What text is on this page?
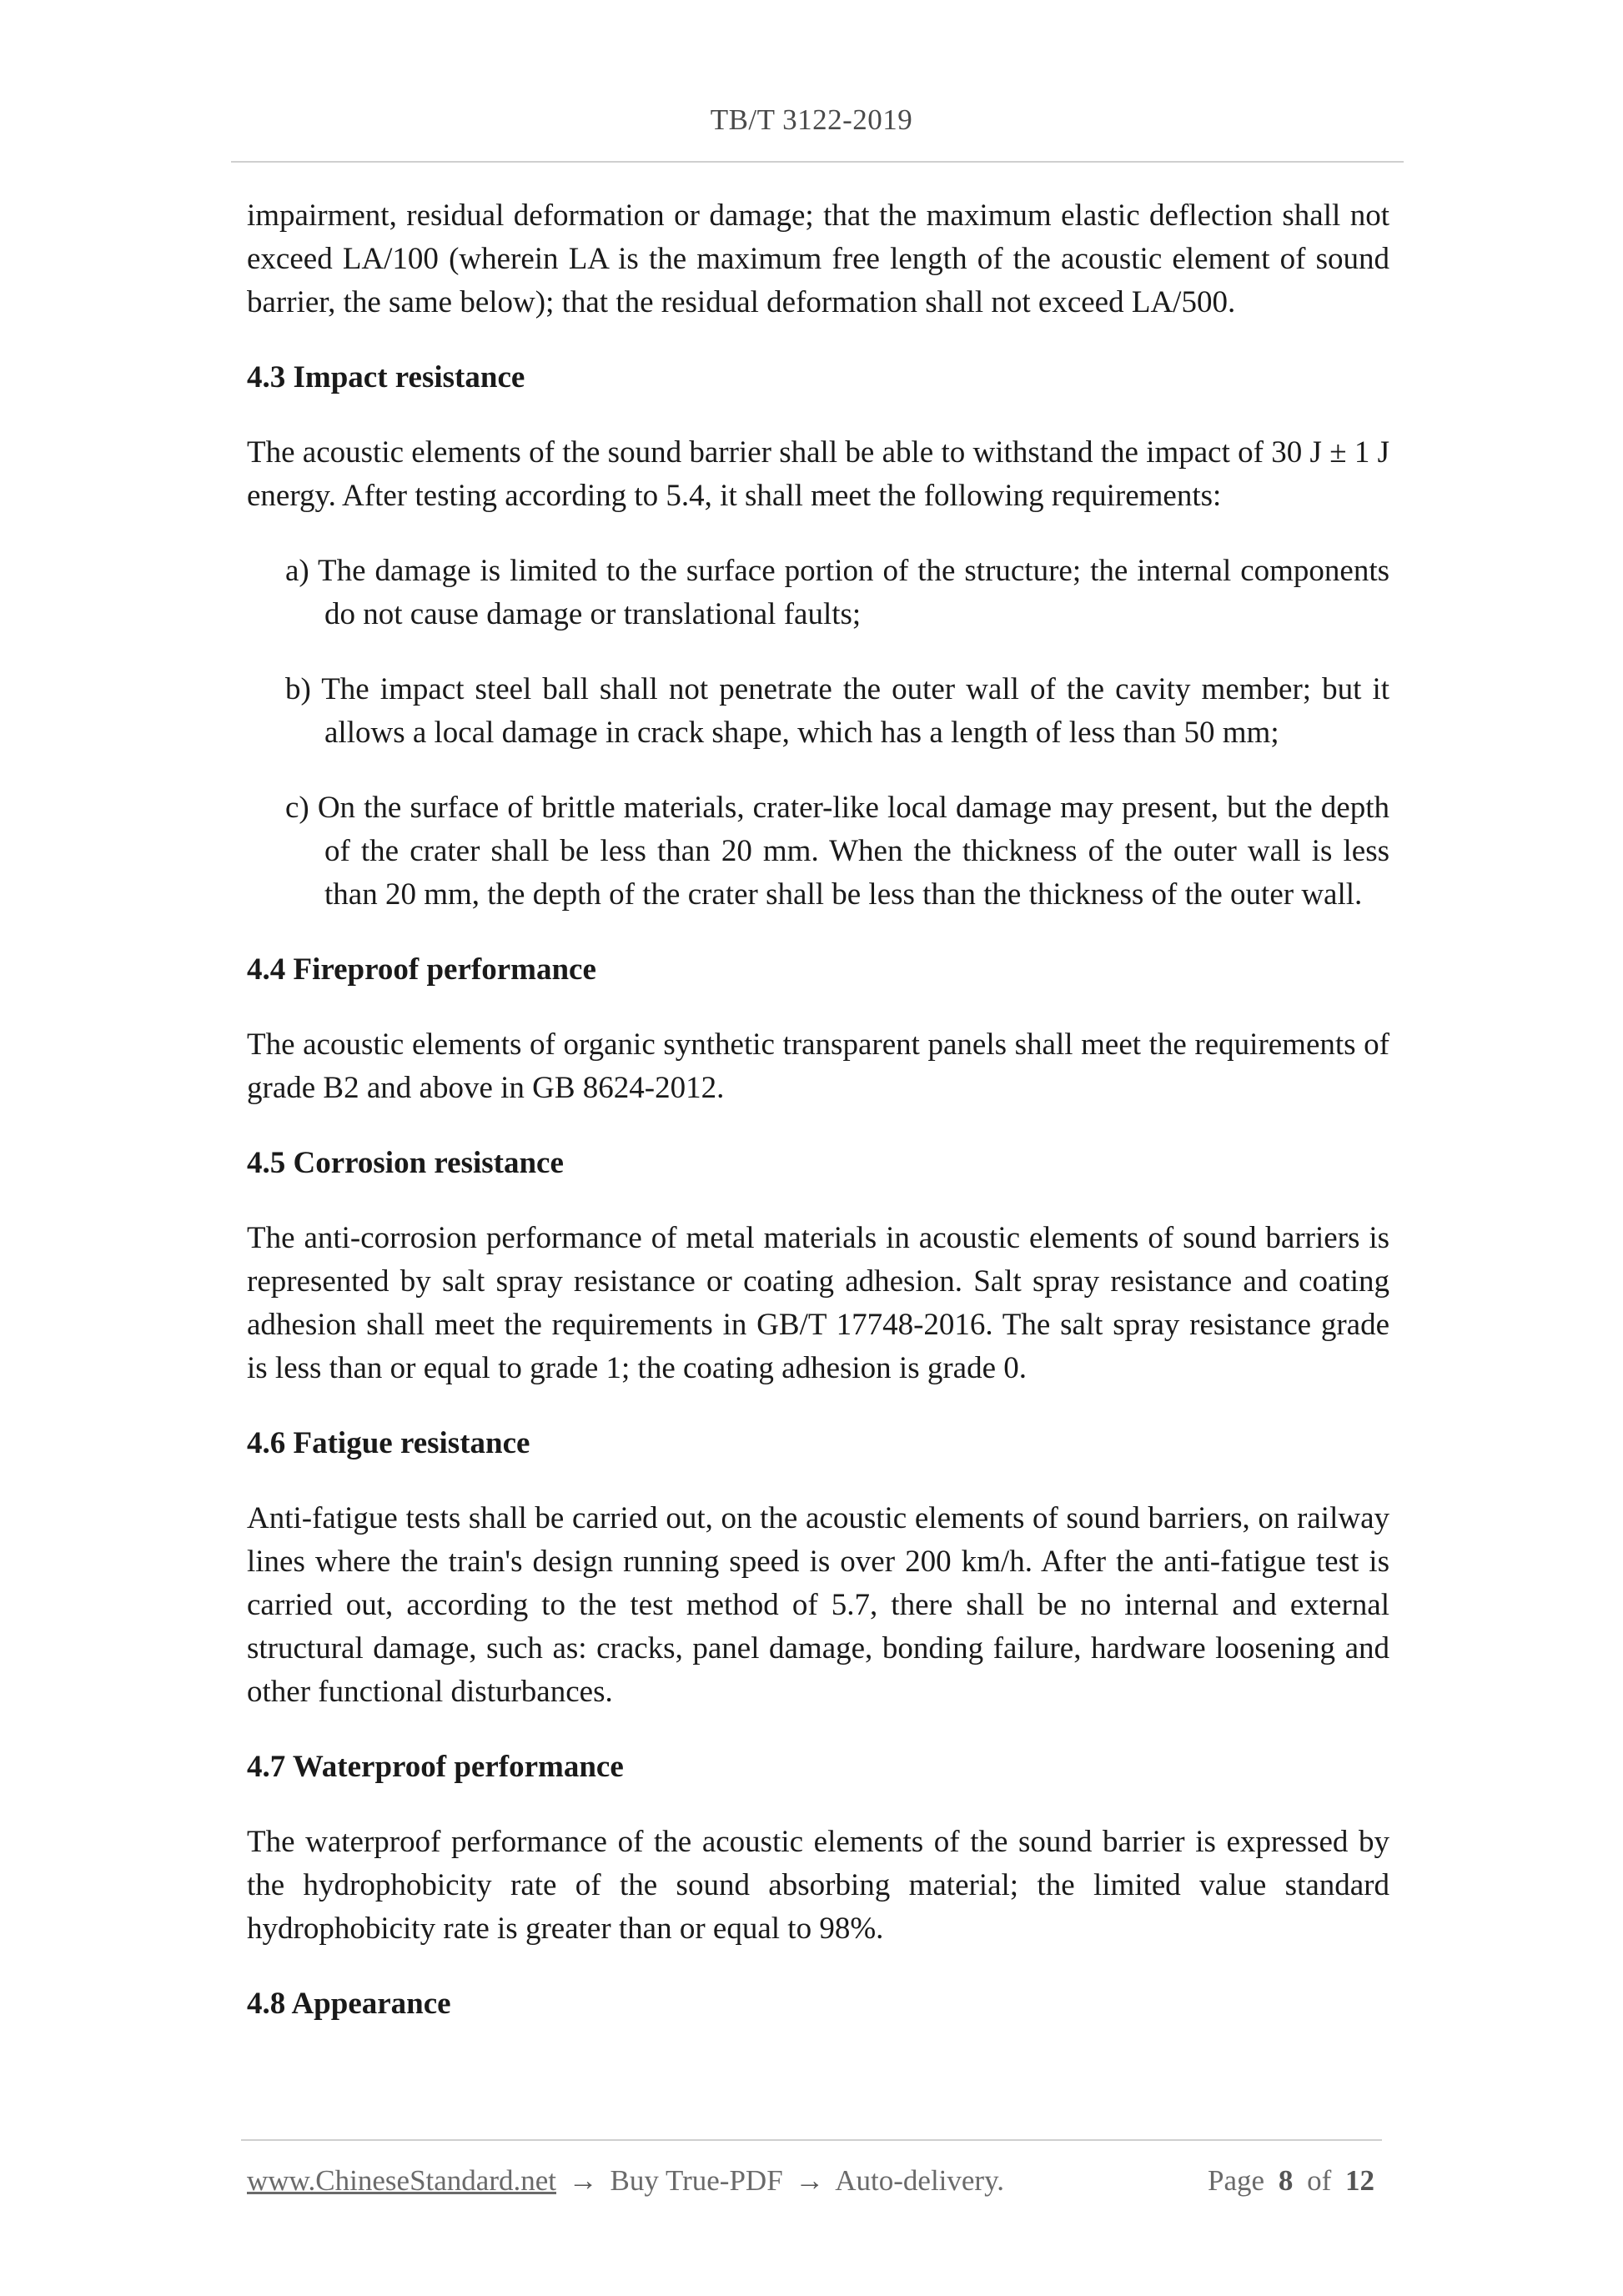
TB/T 3122-2019

impairment, residual deformation or damage; that the maximum elastic deflection shall not exceed LA/100 (wherein LA is the maximum free length of the acoustic element of sound barrier, the same below); that the residual deformation shall not exceed LA/500.

4.3 Impact resistance

The acoustic elements of the sound barrier shall be able to withstand the impact of 30 J ± 1 J energy. After testing according to 5.4, it shall meet the following requirements:

a) The damage is limited to the surface portion of the structure; the internal components do not cause damage or translational faults;

b) The impact steel ball shall not penetrate the outer wall of the cavity member; but it allows a local damage in crack shape, which has a length of less than 50 mm;

c) On the surface of brittle materials, crater-like local damage may present, but the depth of the crater shall be less than 20 mm. When the thickness of the outer wall is less than 20 mm, the depth of the crater shall be less than the thickness of the outer wall.

4.4 Fireproof performance

The acoustic elements of organic synthetic transparent panels shall meet the requirements of grade B2 and above in GB 8624-2012.

4.5 Corrosion resistance

The anti-corrosion performance of metal materials in acoustic elements of sound barriers is represented by salt spray resistance or coating adhesion. Salt spray resistance and coating adhesion shall meet the requirements in GB/T 17748-2016. The salt spray resistance grade is less than or equal to grade 1; the coating adhesion is grade 0.

4.6 Fatigue resistance

Anti-fatigue tests shall be carried out, on the acoustic elements of sound barriers, on railway lines where the train's design running speed is over 200 km/h. After the anti-fatigue test is carried out, according to the test method of 5.7, there shall be no internal and external structural damage, such as: cracks, panel damage, bonding failure, hardware loosening and other functional disturbances.

4.7 Waterproof performance

The waterproof performance of the acoustic elements of the sound barrier is expressed by the hydrophobicity rate of the sound absorbing material; the limited value standard hydrophobicity rate is greater than or equal to 98%.

4.8 Appearance
www.ChineseStandard.net → Buy True-PDF → Auto-delivery.	Page 8 of 12
